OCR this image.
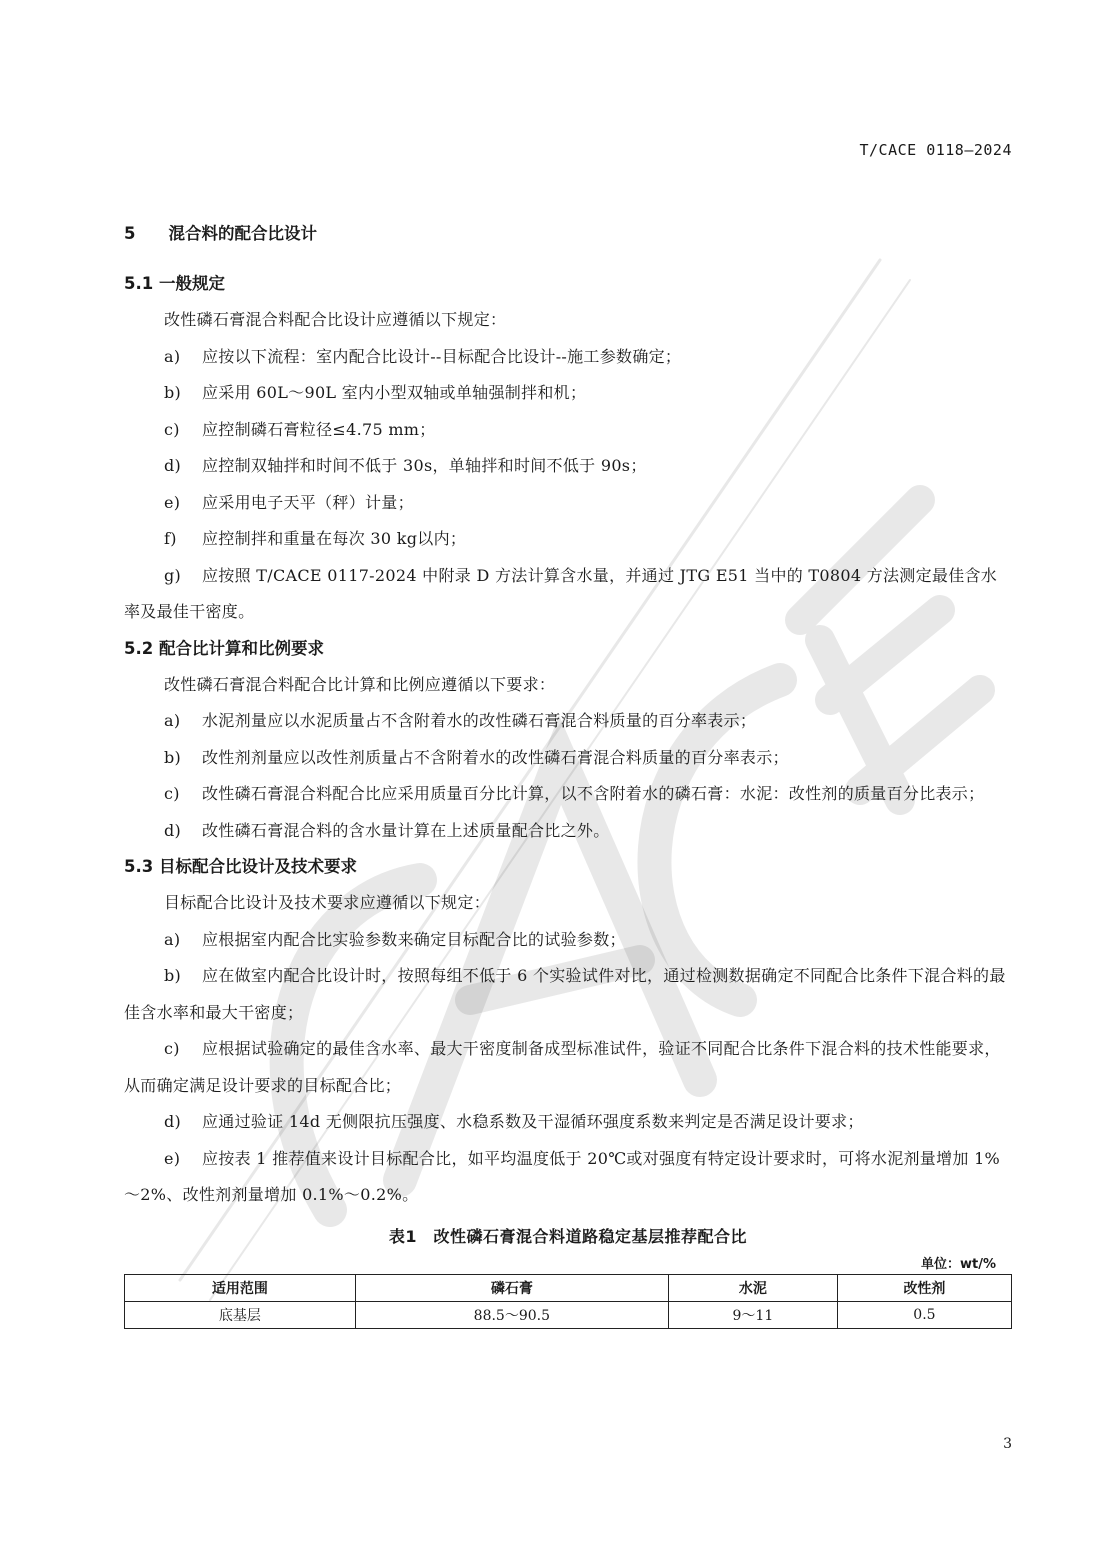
T/CACE 0118—2024

5　　混合料的配合比设计

5.1 一般规定

改性磷石膏混合料配合比设计应遵循以下规定：

a) 应按以下流程：室内配合比设计--目标配合比设计--施工参数确定；

b) 应采用 60L～90L 室内小型双轴或单轴强制拌和机；

c) 应控制磷石膏粒径≤4.75 mm；

d) 应控制双轴拌和时间不低于 30s，单轴拌和时间不低于 90s；

e) 应采用电子天平（秤）计量；

f) 应控制拌和重量在每次 30 kg以内；

g) 应按照 T/CACE 0117-2024 中附录 D 方法计算含水量，并通过 JTG E51 当中的 T0804 方法测定最佳含水率及最佳干密度。

5.2 配合比计算和比例要求

改性磷石膏混合料配合比计算和比例应遵循以下要求：

a) 水泥剂量应以水泥质量占不含附着水的改性磷石膏混合料质量的百分率表示；

b) 改性剂剂量应以改性剂质量占不含附着水的改性磷石膏混合料质量的百分率表示；

c) 改性磷石膏混合料配合比应采用质量百分比计算，以不含附着水的磷石膏：水泥：改性剂的质量百分比表示；

d) 改性磷石膏混合料的含水量计算在上述质量配合比之外。

5.3 目标配合比设计及技术要求

目标配合比设计及技术要求应遵循以下规定：

a) 应根据室内配合比实验参数来确定目标配合比的试验参数；

b) 应在做室内配合比设计时，按照每组不低于 6 个实验试件对比，通过检测数据确定不同配合比条件下混合料的最佳含水率和最大干密度；

c) 应根据试验确定的最佳含水率、最大干密度制备成型标准试件，验证不同配合比条件下混合料的技术性能要求，从而确定满足设计要求的目标配合比；

d) 应通过验证 14d 无侧限抗压强度、水稳系数及干湿循环强度系数来判定是否满足设计要求；

e) 应按表 1 推荐值来设计目标配合比，如平均温度低于 20℃或对强度有特定设计要求时，可将水泥剂量增加 1%～2%、改性剂剂量增加 0.1%～0.2%。

表1　改性磷石膏混合料道路稳定基层推荐配合比
单位：wt/%
适用范围	磷石膏	水泥	改性剂
底基层	88.5～90.5	9～11	0.5
3
